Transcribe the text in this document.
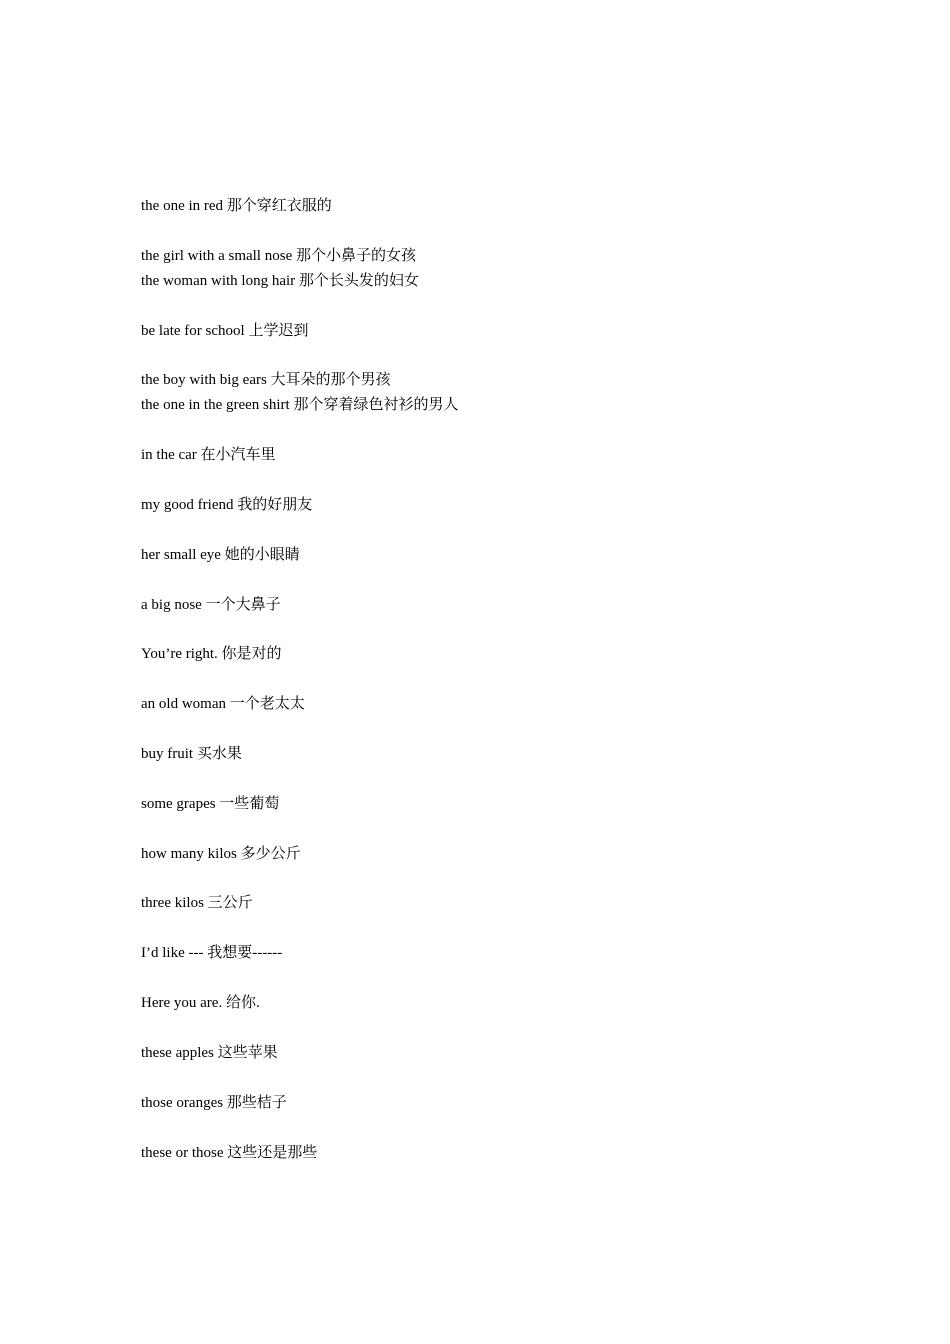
the one in red 那个穿红衣服的
the girl with a small nose 那个小鼻子的女孩
the woman with long hair 那个长头发的妇女
be late for school 上学迟到
the boy with big ears 大耳朵的那个男孩
the one in the green shirt 那个穿着绿色衬衫的男人
in the car 在小汽车里
my good friend 我的好朋友
her small eye 她的小眼睛
a big nose 一个大鼻子
You’re right. 你是对的
an old woman 一个老太太
buy fruit 买水果
some grapes 一些葡萄
how many kilos 多少公斤
three kilos 三公斤
I’d like --- 我想要------
Here you are. 给你.
these apples 这些苹果
those oranges 那些桔子
these or those 这些还是那些
